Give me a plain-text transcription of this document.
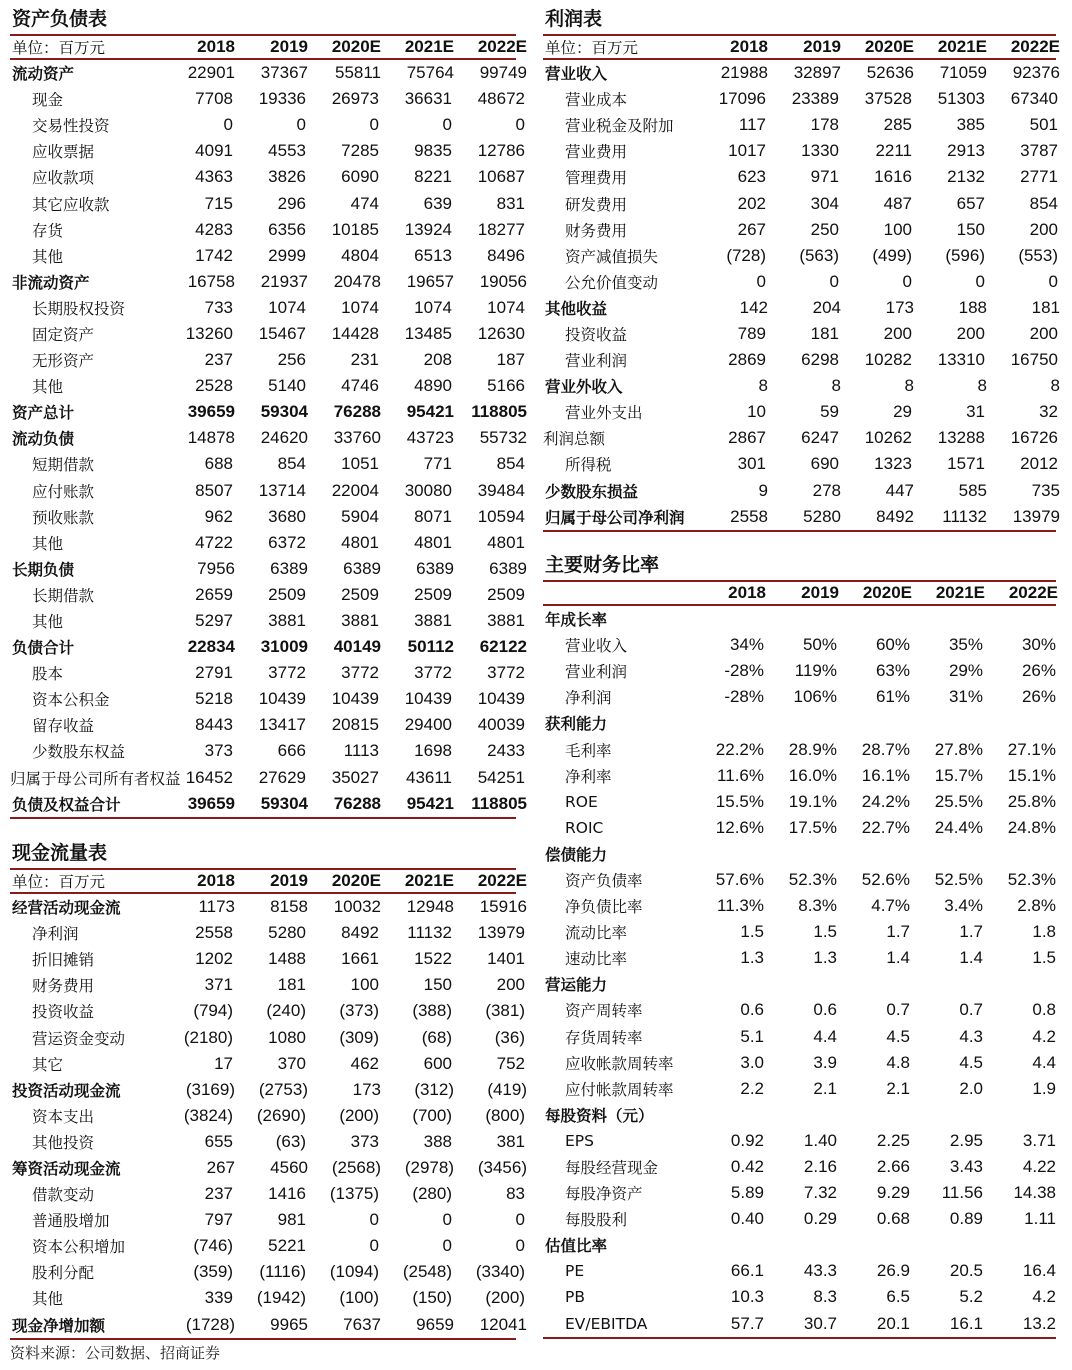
资产负债表
单位：百万元	2018	2019	2020E	2021E	2022E
流动资产	22901	37367	55811	75764	99749
现金	7708	19336	26973	36631	48672
交易性投资	0	0	0	0	0
应收票据	4091	4553	7285	9835	12786
应收款项	4363	3826	6090	8221	10687
其它应收款	715	296	474	639	831
存货	4283	6356	10185	13924	18277
其他	1742	2999	4804	6513	8496
非流动资产	16758	21937	20478	19657	19056
长期股权投资	733	1074	1074	1074	1074
固定资产	13260	15467	14428	13485	12630
无形资产	237	256	231	208	187
其他	2528	5140	4746	4890	5166
资产总计	39659	59304	76288	95421	118805
流动负债	14878	24620	33760	43723	55732
短期借款	688	854	1051	771	854
应付账款	8507	13714	22004	30080	39484
预收账款	962	3680	5904	8071	10594
其他	4722	6372	4801	4801	4801
长期负债	7956	6389	6389	6389	6389
长期借款	2659	2509	2509	2509	2509
其他	5297	3881	3881	3881	3881
负债合计	22834	31009	40149	50112	62122
股本	2791	3772	3772	3772	3772
资本公积金	5218	10439	10439	10439	10439
留存收益	8443	13417	20815	29400	40039
少数股东权益	373	666	1113	1698	2433
归属于母公司所有者权益 16452	27629	35027	43611	54251
负债及权益合计	39659	59304	76288	95421	118805
利润表
单位：百万元	2018	2019	2020E	2021E	2022E
营业收入	21988	32897	52636	71059	92376
营业成本	17096	23389	37528	51303	67340
营业税金及附加	117	178	285	385	501
营业费用	1017	1330	2211	2913	3787
管理费用	623	971	1616	2132	2771
研发费用	202	304	487	657	854
财务费用	267	250	100	150	200
资产减值损失	(728)	(563)	(499)	(596)	(553)
公允价值变动	0	0	0	0	0
其他收益	142	204	173	188	181
投资收益	789	181	200	200	200
营业利润	2869	6298	10282	13310	16750
营业外收入	8	8	8	8	8
营业外支出	10	59	29	31	32
利润总额	2867	6247	10262	13288	16726
所得税	301	690	1323	1571	2012
少数股东损益	9	278	447	585	735
归属于母公司净利润	2558	5280	8492	11132	13979
主要财务比率
2018	2019	2020E	2021E	2022E
年成长率
营业收入	34%	50%	60%	35%	30%
营业利润	-28%	119%	63%	29%	26%
净利润	-28%	106%	61%	31%	26%
获利能力
毛利率	22.2%	28.9%	28.7%	27.8%	27.1%
净利率	11.6%	16.0%	16.1%	15.7%	15.1%
ROE	15.5%	19.1%	24.2%	25.5%	25.8%
ROIC	12.6%	17.5%	22.7%	24.4%	24.8%
偿债能力
资产负债率	57.6%	52.3%	52.6%	52.5%	52.3%
净负债比率	11.3%	8.3%	4.7%	3.4%	2.8%
流动比率	1.5	1.5	1.7	1.7	1.8
速动比率	1.3	1.3	1.4	1.4	1.5
营运能力
资产周转率	0.6	0.6	0.7	0.7	0.8
存货周转率	5.1	4.4	4.5	4.3	4.2
应收帐款周转率	3.0	3.9	4.8	4.5	4.4
应付帐款周转率	2.2	2.1	2.1	2.0	1.9
每股资料（元）
EPS	0.92	1.40	2.25	2.95	3.71
每股经营现金	0.42	2.16	2.66	3.43	4.22
每股净资产	5.89	7.32	9.29	11.56	14.38
每股股利	0.40	0.29	0.68	0.89	1.11
估值比率
PE	66.1	43.3	26.9	20.5	16.4
PB	10.3	8.3	6.5	5.2	4.2
EV/EBITDA	57.7	30.7	20.1	16.1	13.2
现金流量表
单位：百万元	2018	2019	2020E	2021E	2022E
经营活动现金流	1173	8158	10032	12948	15916
净利润	2558	5280	8492	11132	13979
折旧摊销	1202	1488	1661	1522	1401
财务费用	371	181	100	150	200
投资收益	(794)	(240)	(373)	(388)	(381)
营运资金变动	(2180)	1080	(309)	(68)	(36)
其它	17	370	462	600	752
投资活动现金流	(3169)	(2753)	173	(312)	(419)
资本支出	(3824)	(2690)	(200)	(700)	(800)
其他投资	655	(63)	373	388	381
筹资活动现金流	267	4560	(2568)	(2978)	(3456)
借款变动	237	1416	(1375)	(280)	83
普通股增加	797	981	0	0	0
资本公积增加	(746)	5221	0	0	0
股利分配	(359)	(1116)	(1094)	(2548)	(3340)
其他	339	(1942)	(100)	(150)	(200)
现金净增加额	(1728)	9965	7637	9659	12041
资料来源：公司数据、招商证券
